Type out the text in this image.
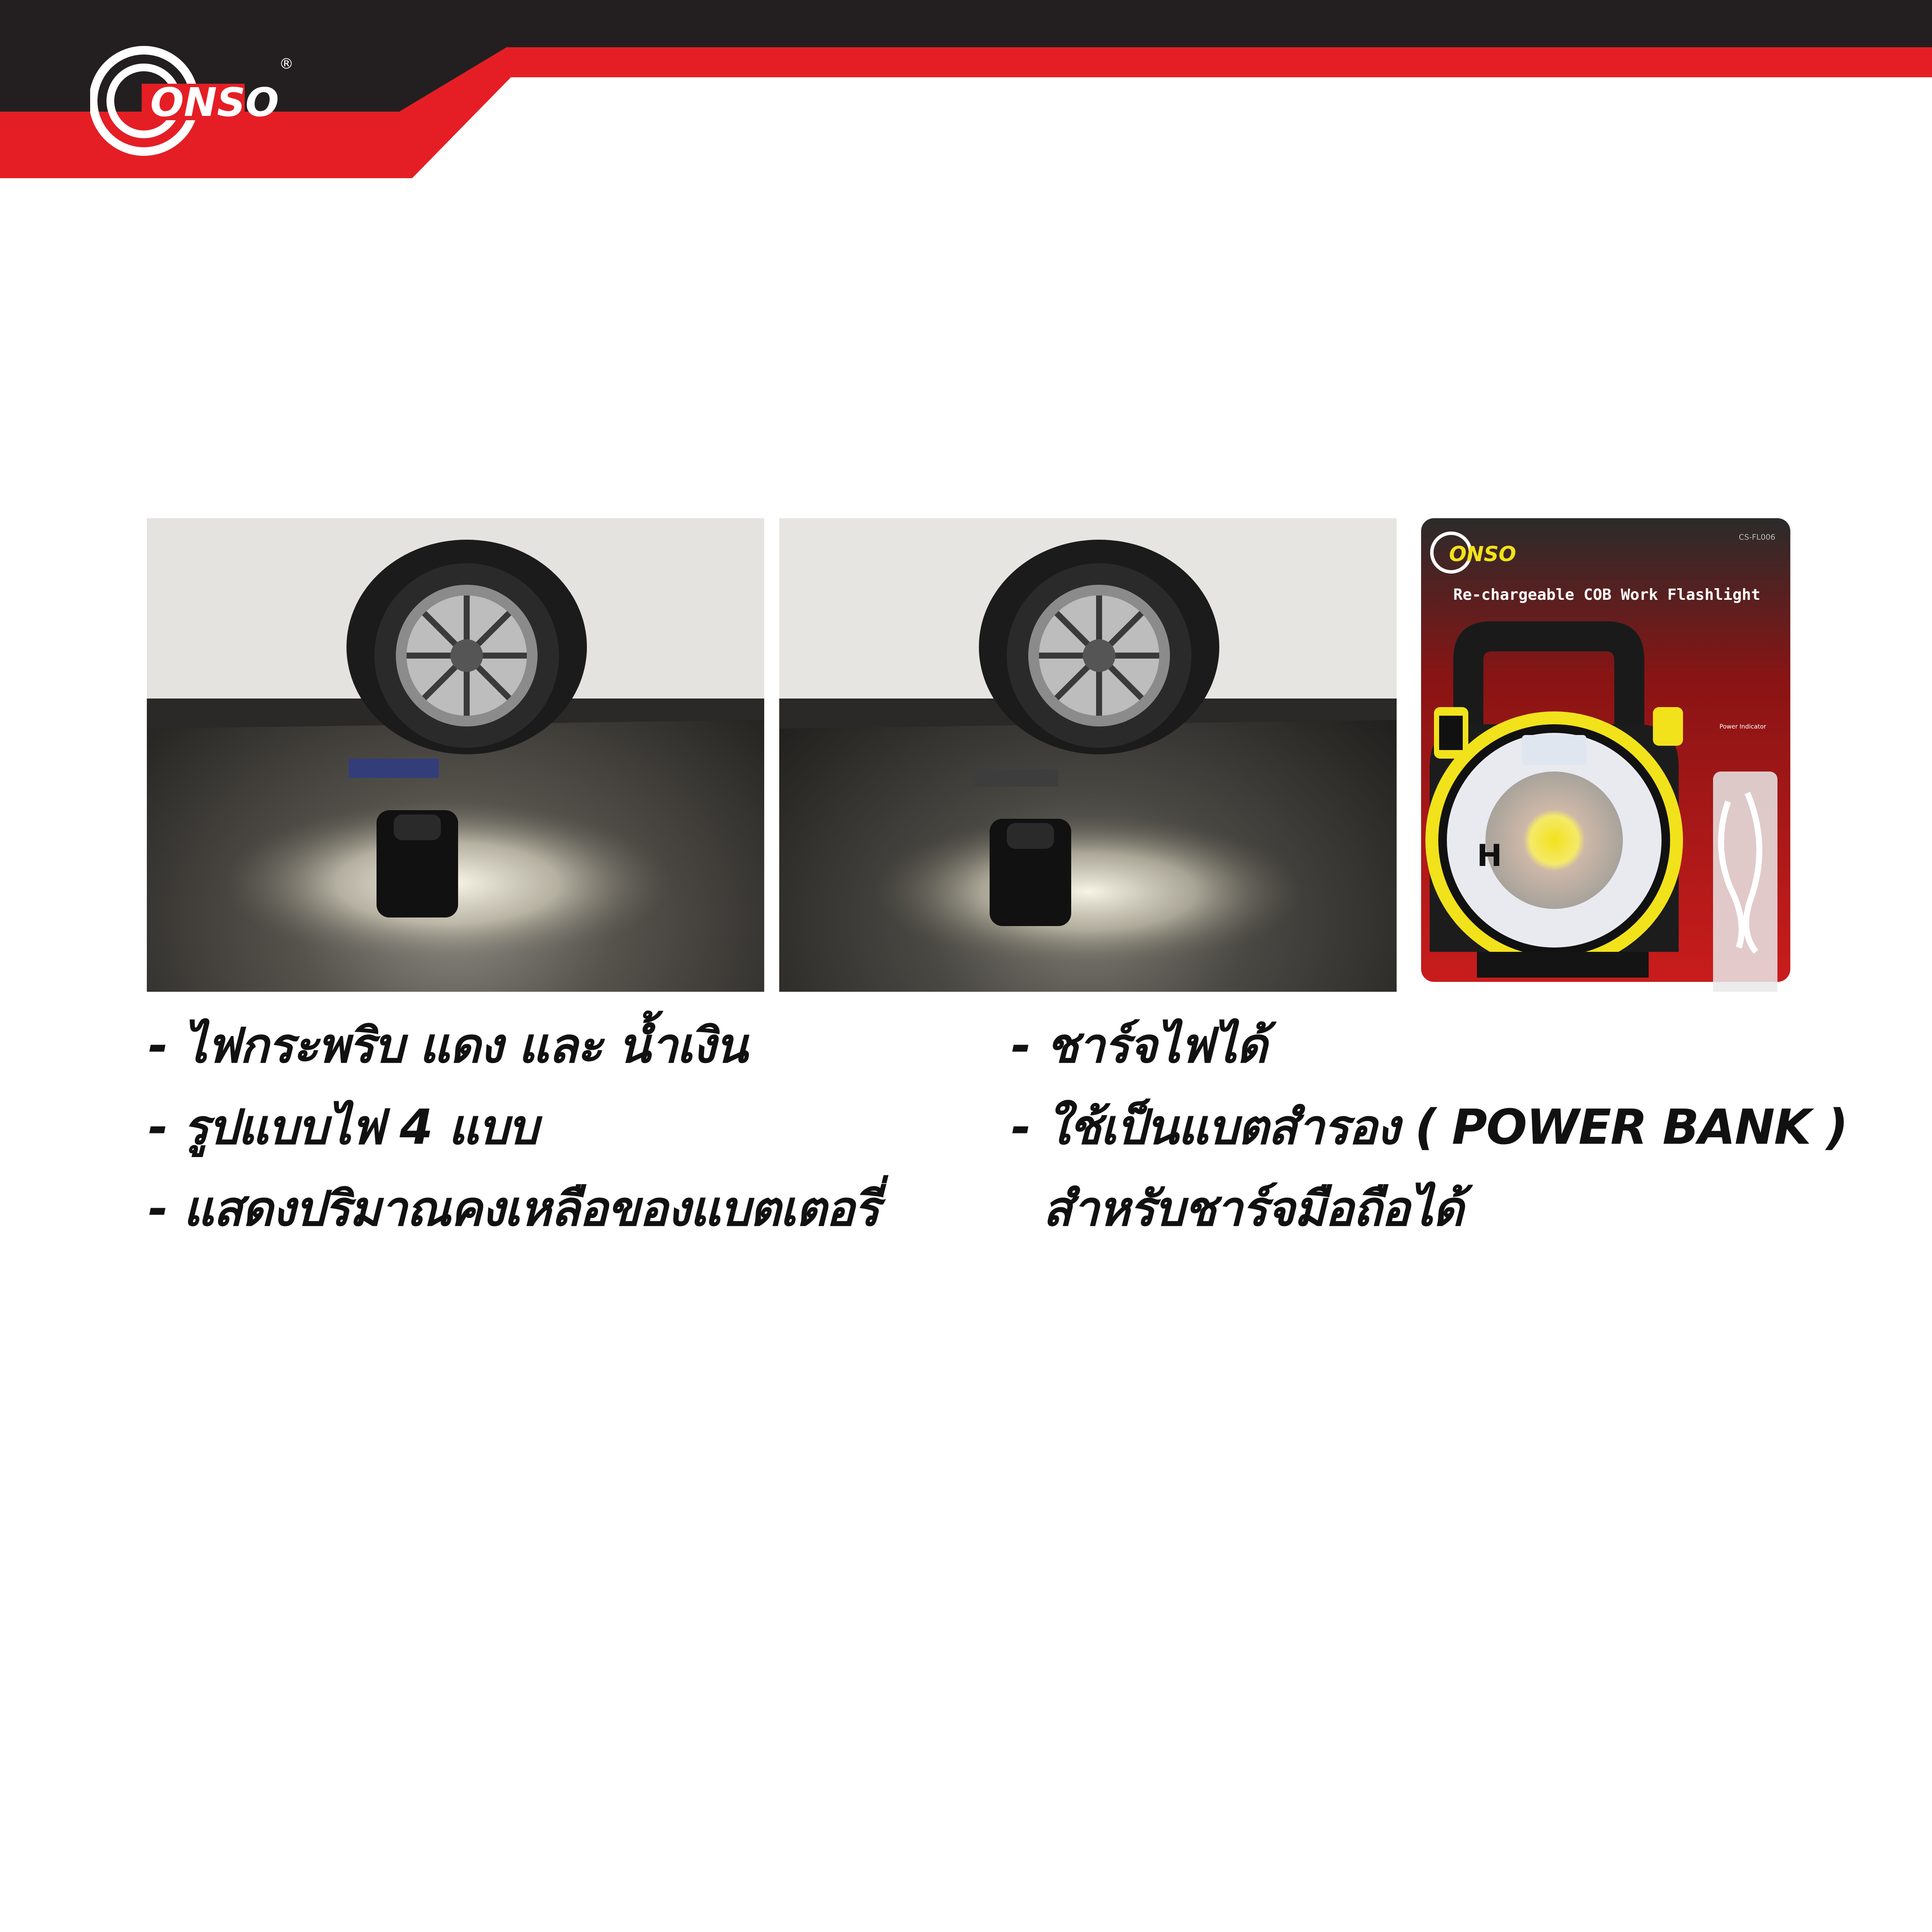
ONSO
®
ONSO
CS-FL006
Re-chargeable COB Work Flashlight
H
Power Indicator
- ไฟกระพริบ แดง และ น้ำเงิน
- รูปแบบไฟ 4 แบบ
- แสดงปริมาณคงเหลือของแบตเตอรี่
- ชาร์จไฟได้
- ใช้เป็นแบตสำรอง ( POWER BANK )
สำหรับชาร์จมือถือได้
